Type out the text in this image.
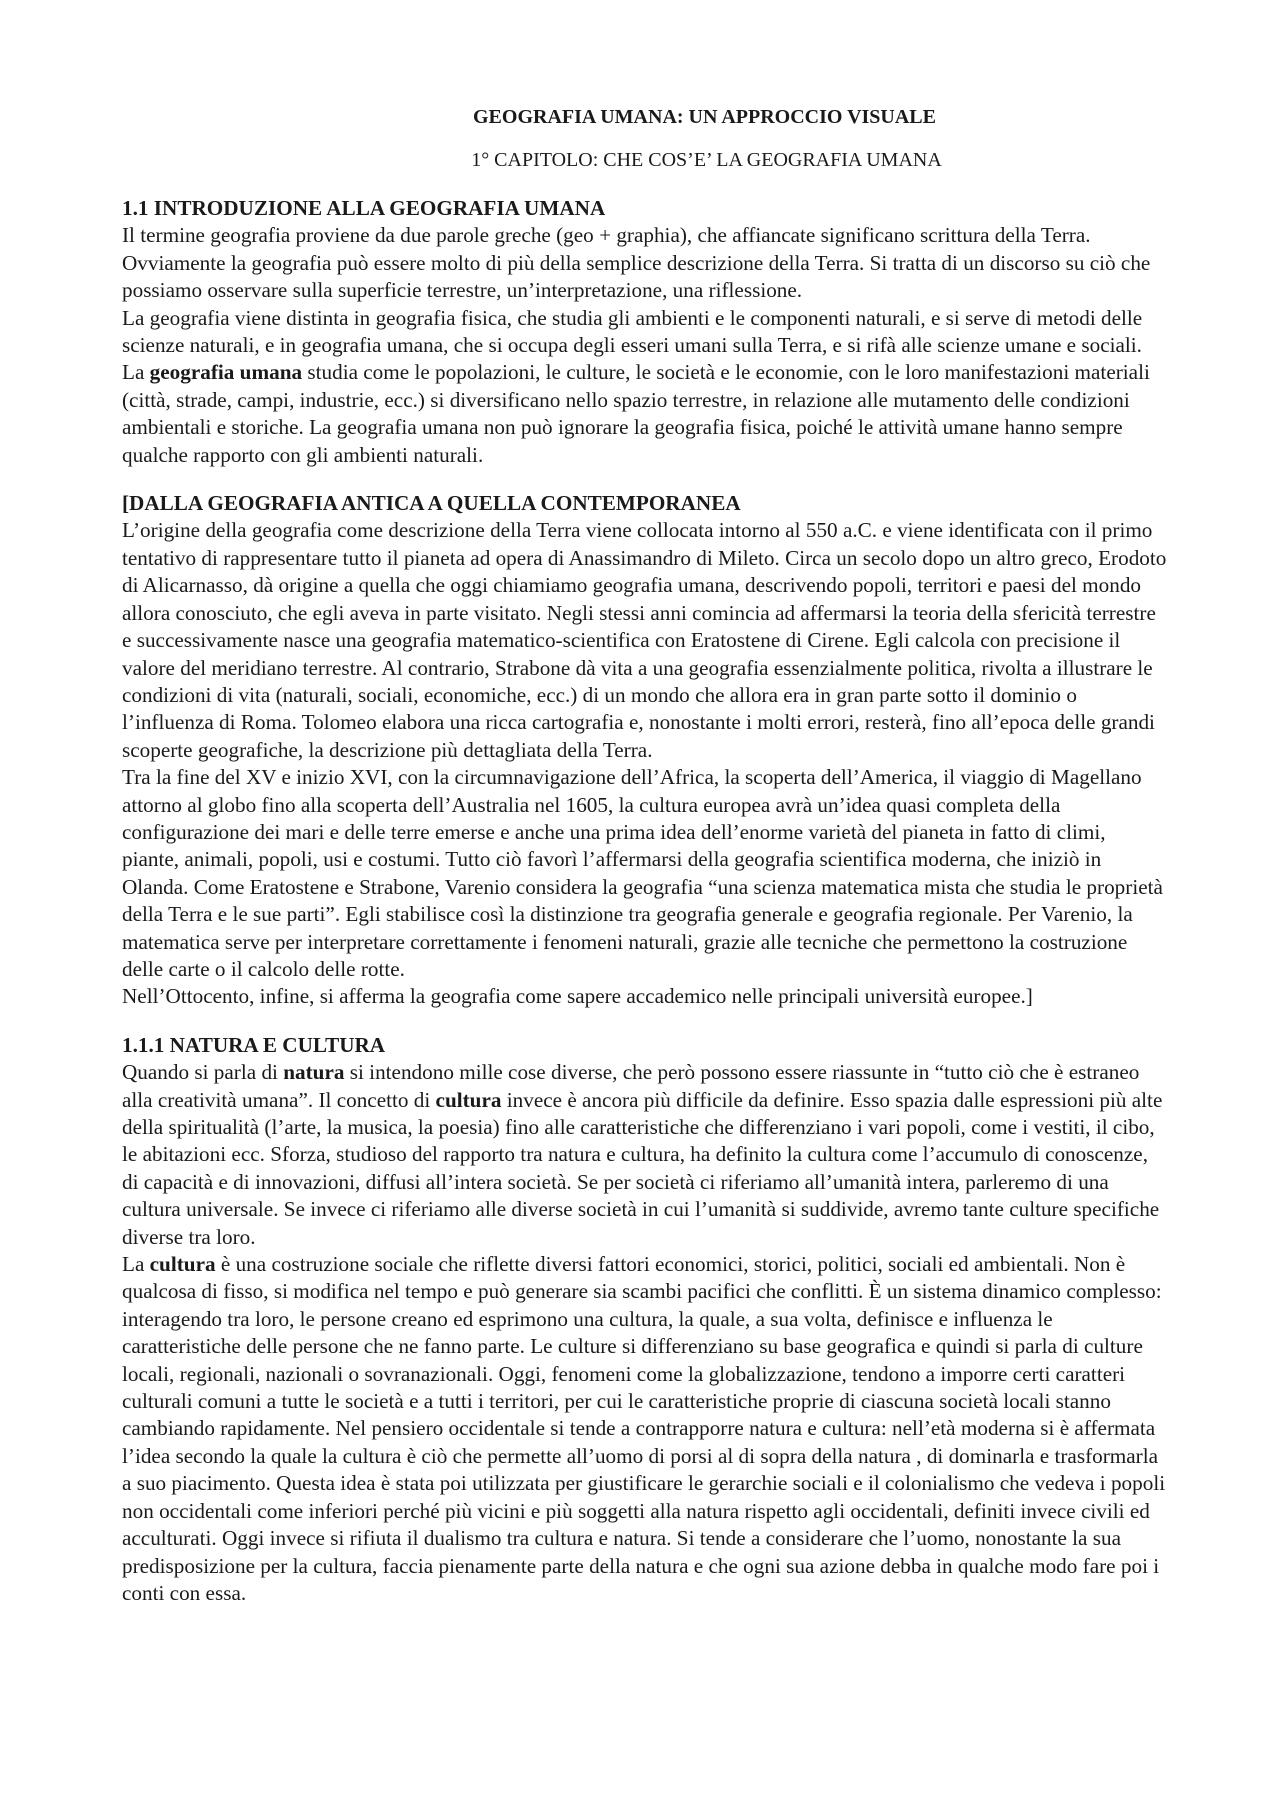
GEOGRAFIA UMANA: UN APPROCCIO VISUALE
1° CAPITOLO: CHE COS’E’ LA GEOGRAFIA UMANA
1.1 INTRODUZIONE ALLA GEOGRAFIA UMANA

Il termine geografia proviene da due parole greche (geo + graphia), che affiancate significano scrittura della Terra. Ovviamente la geografia può essere molto di più della semplice descrizione della Terra. Si tratta di un discorso su ciò che possiamo osservare sulla superficie terrestre, un’interpretazione, una riflessione.

La geografia viene distinta in geografia fisica, che studia gli ambienti e le componenti naturali, e si serve di metodi delle scienze naturali, e in geografia umana, che si occupa degli esseri umani sulla Terra, e si rifà alle scienze umane e sociali. La geografia umana studia come le popolazioni, le culture, le società e le economie, con le loro manifestazioni materiali (città, strade, campi, industrie, ecc.) si diversificano nello spazio terrestre, in relazione alle mutamento delle condizioni ambientali e storiche. La geografia umana non può ignorare la geografia fisica, poiché le attività umane hanno sempre qualche rapporto con gli ambienti naturali.

[DALLA GEOGRAFIA ANTICA A QUELLA CONTEMPORANEA

L’origine della geografia come descrizione della Terra viene collocata intorno al 550 a.C. e viene identificata con il primo tentativo di rappresentare tutto il pianeta ad opera di Anassimandro di Mileto. Circa un secolo dopo un altro greco, Erodoto di Alicarnasso, dà origine a quella che oggi chiamiamo geografia umana, descrivendo popoli, territori e paesi del mondo allora conosciuto, che egli aveva in parte visitato. Negli stessi anni comincia ad affermarsi la teoria della sfericità terrestre e successivamente nasce una geografia matematico-scientifica con Eratostene di Cirene. Egli calcola con precisione il valore del meridiano terrestre. Al contrario, Strabone dà vita a una geografia essenzialmente politica, rivolta a illustrare le condizioni di vita (naturali, sociali, economiche, ecc.) di un mondo che allora era in gran parte sotto il dominio o l’influenza di Roma. Tolomeo elabora una ricca cartografia e, nonostante i molti errori, resterà, fino all’epoca delle grandi scoperte geografiche, la descrizione più dettagliata della Terra.

Tra la fine del XV e inizio XVI, con la circumnavigazione dell’Africa, la scoperta dell’America, il viaggio di Magellano attorno al globo fino alla scoperta dell’Australia nel 1605, la cultura europea avrà un’idea quasi completa della configurazione dei mari e delle terre emerse e anche una prima idea dell’enorme varietà del pianeta in fatto di climi, piante, animali, popoli, usi e costumi. Tutto ciò favorì l’affermarsi della geografia scientifica moderna, che iniziò in Olanda. Come Eratostene e Strabone, Varenio considera la geografia “una scienza matematica mista che studia le proprietà della Terra e le sue parti”. Egli stabilisce così la distinzione tra geografia generale e geografia regionale. Per Varenio, la matematica serve per interpretare correttamente i fenomeni naturali, grazie alle tecniche che permettono la costruzione delle carte o il calcolo delle rotte.

Nell’Ottocento, infine, si afferma la geografia come sapere accademico nelle principali università europee.]

1.1.1 NATURA E CULTURA

Quando si parla di natura si intendono mille cose diverse, che però possono essere riassunte in “tutto ciò che è estraneo alla creatività umana”. Il concetto di cultura invece è ancora più difficile da definire. Esso spazia dalle espressioni più alte della spiritualità (l’arte, la musica, la poesia) fino alle caratteristiche che differenziano i vari popoli, come i vestiti, il cibo, le abitazioni ecc. Sforza, studioso del rapporto tra natura e cultura, ha definito la cultura come l’accumulo di conoscenze, di capacità e di innovazioni, diffusi all’intera società. Se per società ci riferiamo all’umanità intera, parleremo di una cultura universale. Se invece ci riferiamo alle diverse società in cui l’umanità si suddivide, avremo tante culture specifiche diverse tra loro.

La cultura è una costruzione sociale che riflette diversi fattori economici, storici, politici, sociali ed ambientali. Non è qualcosa di fisso, si modifica nel tempo e può generare sia scambi pacifici che conflitti. È un sistema dinamico complesso: interagendo tra loro, le persone creano ed esprimono una cultura, la quale, a sua volta, definisce e influenza le caratteristiche delle persone che ne fanno parte. Le culture si differenziano su base geografica e quindi si parla di culture locali, regionali, nazionali o sovranazionali. Oggi, fenomeni come la globalizzazione, tendono a imporre certi caratteri culturali comuni a tutte le società e a tutti i territori, per cui le caratteristiche proprie di ciascuna società locali stanno cambiando rapidamente. Nel pensiero occidentale si tende a contrapporre natura e cultura: nell’età moderna si è affermata l’idea secondo la quale la cultura è ciò che permette all’uomo di porsi al di sopra della natura , di dominarla e trasformarla a suo piacimento. Questa idea è stata poi utilizzata per giustificare le gerarchie sociali e il colonialismo che vedeva i popoli non occidentali come inferiori perché più vicini e più soggetti alla natura rispetto agli occidentali, definiti invece civili ed acculturati. Oggi invece si rifiuta il dualismo tra cultura e natura. Si tende a considerare che l’uomo, nonostante la sua predisposizione per la cultura, faccia pienamente parte della natura e che ogni sua azione debba in qualche modo fare poi i conti con essa.
